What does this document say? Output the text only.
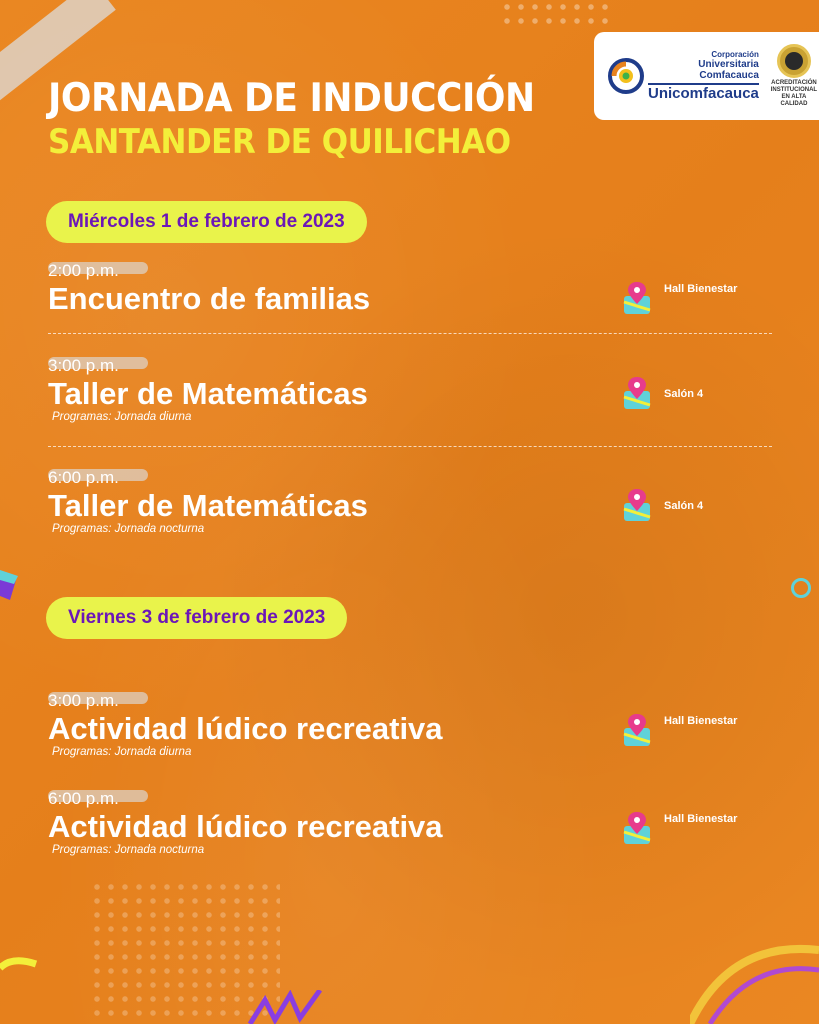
JORNADA DE INDUCCIÓN
SANTANDER DE QUILICHAO
Corporación
Universitaria
Comfacauca
Unicomfacauca
ACREDITACIÓN
INSTITUCIONAL
EN ALTA CALIDAD
Miércoles 1 de febrero de 2023
2:00 p.m.
Encuentro de familias	Hall Bienestar
3:00 p.m.
Taller de Matemáticas
Programas: Jornada diurna
Salón 4
6:00 p.m.
Taller de Matemáticas
Programas: Jornada nocturna
Salón 4
Viernes 3 de febrero de 2023
3:00 p.m.
Actividad lúdico recreativa
Programas: Jornada diurna
Hall Bienestar
6:00 p.m.
Actividad lúdico recreativa
Programas: Jornada nocturna
Hall Bienestar
